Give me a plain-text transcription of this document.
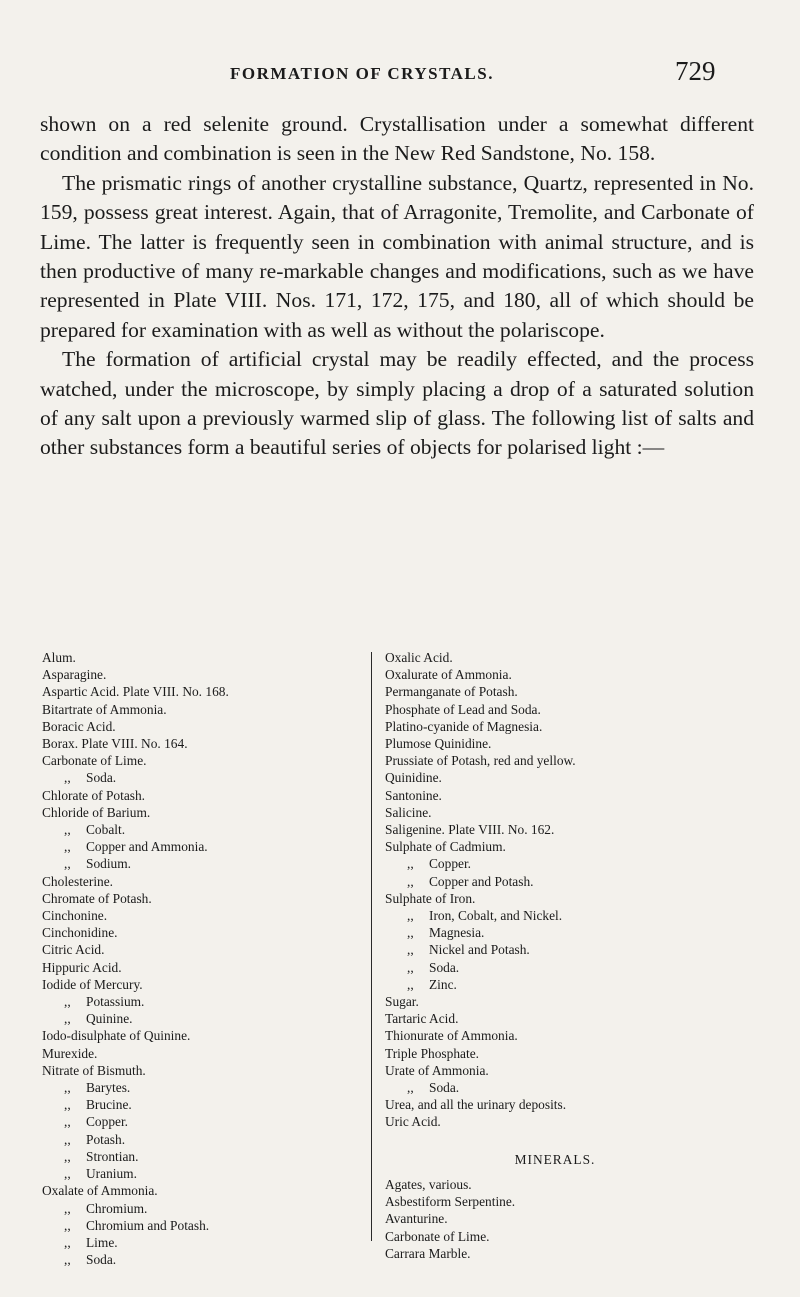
FORMATION OF CRYSTALS.	729

shown on a red selenite ground. Crystallisation under a somewhat different condition and combination is seen in the New Red Sandstone, No. 158.

The prismatic rings of another crystalline substance, Quartz, represented in No. 159, possess great interest. Again, that of Arragonite, Tremolite, and Carbonate of Lime. The latter is frequently seen in combination with animal structure, and is then productive of many re-markable changes and modifications, such as we have represented in Plate VIII. Nos. 171, 172, 175, and 180, all of which should be prepared for examination with as well as without the polariscope.

The formation of artificial crystal may be readily effected, and the process watched, under the microscope, by simply placing a drop of a saturated solution of any salt upon a previously warmed slip of glass. The following list of salts and other substances form a beautiful series of objects for polarised light :—

Alum.
Asparagine.
Aspartic Acid. Plate VIII. No. 168.
Bitartrate of Ammonia.
Boracic Acid.
Borax. Plate VIII. No. 164.
Carbonate of Lime.
,, Soda.
Chlorate of Potash.
Chloride of Barium.
,, Cobalt.
,, Copper and Ammonia.
,, Sodium.
Cholesterine.
Chromate of Potash.
Cinchonine.
Cinchonidine.
Citric Acid.
Hippuric Acid.
Iodide of Mercury.
,, Potassium.
,, Quinine.
Iodo-disulphate of Quinine.
Murexide.
Nitrate of Bismuth.
,, Barytes.
,, Brucine.
,, Copper.
,, Potash.
,, Strontian.
,, Uranium.
Oxalate of Ammonia.
,, Chromium.
,, Chromium and Potash.
,, Lime.
,, Soda.
Oxalic Acid.
Oxalurate of Ammonia.
Permanganate of Potash.
Phosphate of Lead and Soda.
Platino-cyanide of Magnesia.
Plumose Quinidine.
Prussiate of Potash, red and yellow.
Quinidine.
Santonine.
Salicine.
Saligenine. Plate VIII. No. 162.
Sulphate of Cadmium.
,, Copper.
,, Copper and Potash.
Sulphate of Iron.
,, Iron, Cobalt, and Nickel.
,, Magnesia.
,, Nickel and Potash.
,, Soda.
,, Zinc.
Sugar.
Tartaric Acid.
Thionurate of Ammonia.
Triple Phosphate.
Urate of Ammonia.
,, Soda.
Urea, and all the urinary deposits.
Uric Acid.
MINERALS.
Agates, various.
Asbestiform Serpentine.
Avanturine.
Carbonate of Lime.
Carrara Marble.
